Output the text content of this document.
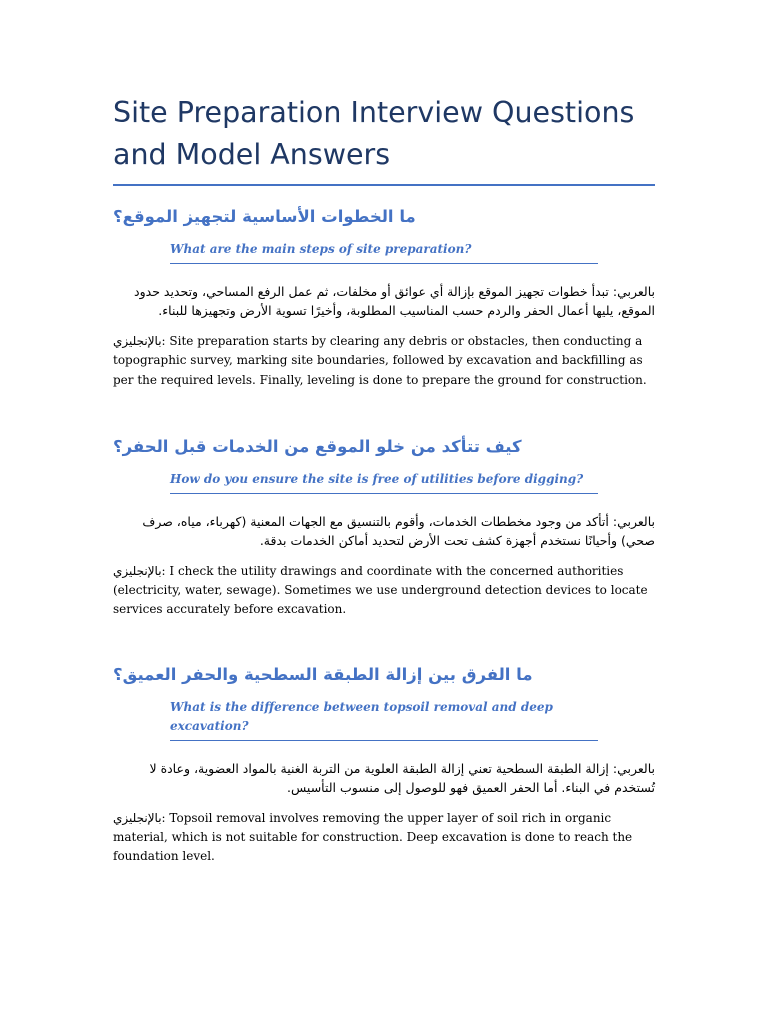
Site Preparation Interview Questions and Model Answers
ما الخطوات الأساسية لتجهيز الموقع؟
What are the main steps of site preparation?
بالعربي: تبدأ خطوات تجهيز الموقع بإزالة أي عوائق أو مخلفات، ثم عمل الرفع المساحي، وتحديد حدود الموقع، يليها أعمال الحفر والردم حسب المناسيب المطلوبة، وأخيرًا تسوية الأرض وتجهيزها للبناء.
بالإنجليزي: Site preparation starts by clearing any debris or obstacles, then conducting a topographic survey, marking site boundaries, followed by excavation and backfilling as per the required levels. Finally, leveling is done to prepare the ground for construction.
كيف تتأكد من خلو الموقع من الخدمات قبل الحفر؟
How do you ensure the site is free of utilities before digging?
بالعربي: أتأكد من وجود مخططات الخدمات، وأقوم بالتنسيق مع الجهات المعنية (كهرباء، مياه، صرف صحي) وأحيانًا نستخدم أجهزة كشف تحت الأرض لتحديد أماكن الخدمات بدقة.
بالإنجليزي: I check the utility drawings and coordinate with the concerned authorities (electricity, water, sewage). Sometimes we use underground detection devices to locate services accurately before excavation.
ما الفرق بين إزالة الطبقة السطحية والحفر العميق؟
What is the difference between topsoil removal and deep excavation?
بالعربي: إزالة الطبقة السطحية تعني إزالة الطبقة العلوية من التربة الغنية بالمواد العضوية، وعادة لا تُستخدم في البناء. أما الحفر العميق فهو للوصول إلى منسوب التأسيس.
بالإنجليزي: Topsoil removal involves removing the upper layer of soil rich in organic material, which is not suitable for construction. Deep excavation is done to reach the foundation level.
